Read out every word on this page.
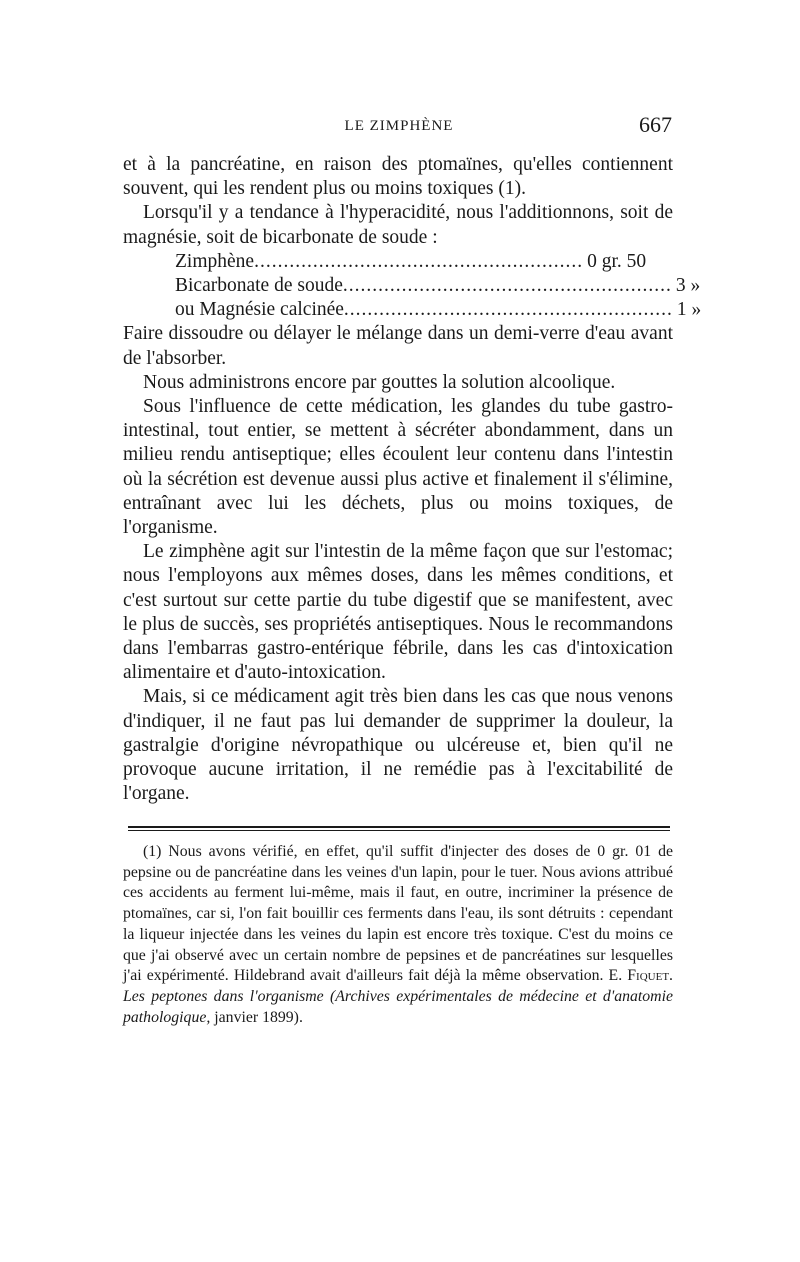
LE ZIMPHÈNE	667

et à la pancréatine, en raison des ptomaïnes, qu'elles contiennent souvent, qui les rendent plus ou moins toxiques (1).

Lorsqu'il y a tendance à l'hyperacidité, nous l'additionnons, soit de magnésie, soit de bicarbonate de soude :

Zimphène ........................................................ 0 gr. 50
Bicarbonate de soude ........................................................ 3 »
ou Magnésie calcinée ........................................................ 1 »

Faire dissoudre ou délayer le mélange dans un demi-verre d'eau avant de l'absorber.

Nous administrons encore par gouttes la solution alcoolique.

Sous l'influence de cette médication, les glandes du tube gastro-intestinal, tout entier, se mettent à sécréter abondamment, dans un milieu rendu antiseptique; elles écoulent leur contenu dans l'intestin où la sécrétion est devenue aussi plus active et finalement il s'élimine, entraînant avec lui les déchets, plus ou moins toxiques, de l'organisme.

Le zimphène agit sur l'intestin de la même façon que sur l'estomac; nous l'employons aux mêmes doses, dans les mêmes conditions, et c'est surtout sur cette partie du tube digestif que se manifestent, avec le plus de succès, ses propriétés antiseptiques. Nous le recommandons dans l'embarras gastro-entérique fébrile, dans les cas d'intoxication alimentaire et d'auto-intoxication.

Mais, si ce médicament agit très bien dans les cas que nous venons d'indiquer, il ne faut pas lui demander de supprimer la douleur, la gastralgie d'origine névropathique ou ulcéreuse et, bien qu'il ne provoque aucune irritation, il ne remédie pas à l'excitabilité de l'organe.

(1) Nous avons vérifié, en effet, qu'il suffit d'injecter des doses de 0 gr. 01 de pepsine ou de pancréatine dans les veines d'un lapin, pour le tuer. Nous avions attribué ces accidents au ferment lui-même, mais il faut, en outre, incriminer la présence de ptomaïnes, car si, l'on fait bouillir ces ferments dans l'eau, ils sont détruits : cependant la liqueur injectée dans les veines du lapin est encore très toxique. C'est du moins ce que j'ai observé avec un certain nombre de pepsines et de pancréatines sur lesquelles j'ai expérimenté. Hildebrand avait d'ailleurs fait déjà la même observation. E. Fiquet. Les peptones dans l'organisme (Archives expérimentales de médecine et d'anatomie pathologique, janvier 1899).
